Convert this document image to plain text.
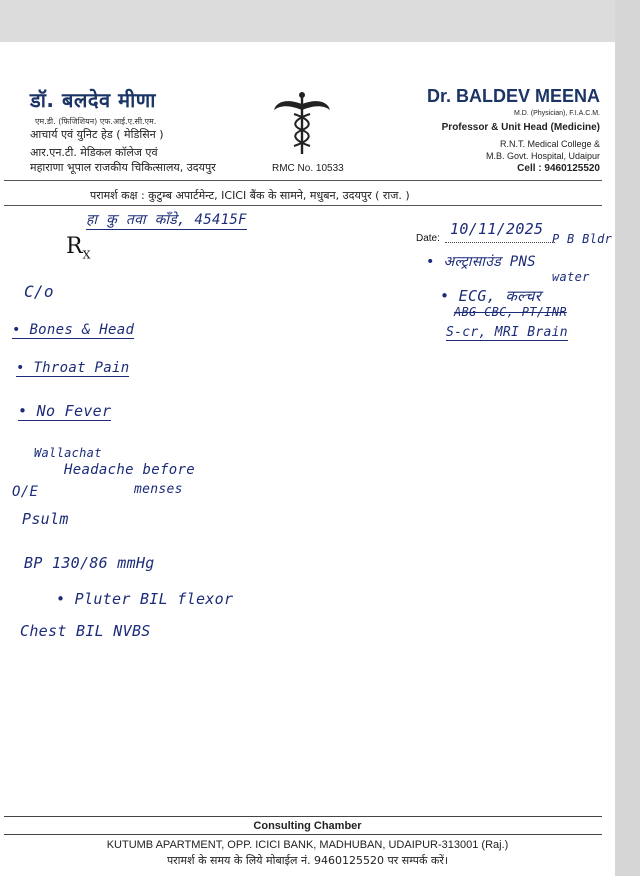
डॉ. बलदेव मीणा
एम.डी. (फिजिशियन) एफ.आई.ए.सी.एम.
आचार्य एवं युनिट हेड ( मेडिसिन )
आर.एन.टी. मेडिकल कॉलेज एवं
महाराणा भूपाल राजकीय चिकित्सालय, उदयपुर	RMC No. 10533
Dr. BALDEV MEENA
M.D. (Physician), F.I.A.C.M.
Professor & Unit Head (Medicine)
R.N.T. Medical College &
M.B. Govt. Hospital, Udaipur
Cell : 9460125520
परामर्श कक्ष : कुटुम्ब अपार्टमेन्ट, ICICI बैंक के सामने, मधुबन, उदयपुर ( राज. )
$R_X$
Date:
हा कु तवा काँडे, 45415F	10/11/2025
P B Bldr
• अल्ट्रासाउंड PNS
water
• ECG, कल्चर
ABG CBC, PT/INR
S-cr, MRI Brain
C/o
• Bones & Head
• Throat Pain
• No Fever
Wallachat
Headache before
menses
O/E
Psulm
BP 130/86 mmHg
• Pluter BIL flexor
Chest BIL NVBS
Consulting Chamber
KUTUMB APARTMENT, OPP. ICICI BANK, MADHUBAN, UDAIPUR-313001 (Raj.)
परामर्श के समय के लिये मोबाईल नं. 9460125520 पर सम्पर्क करें।
